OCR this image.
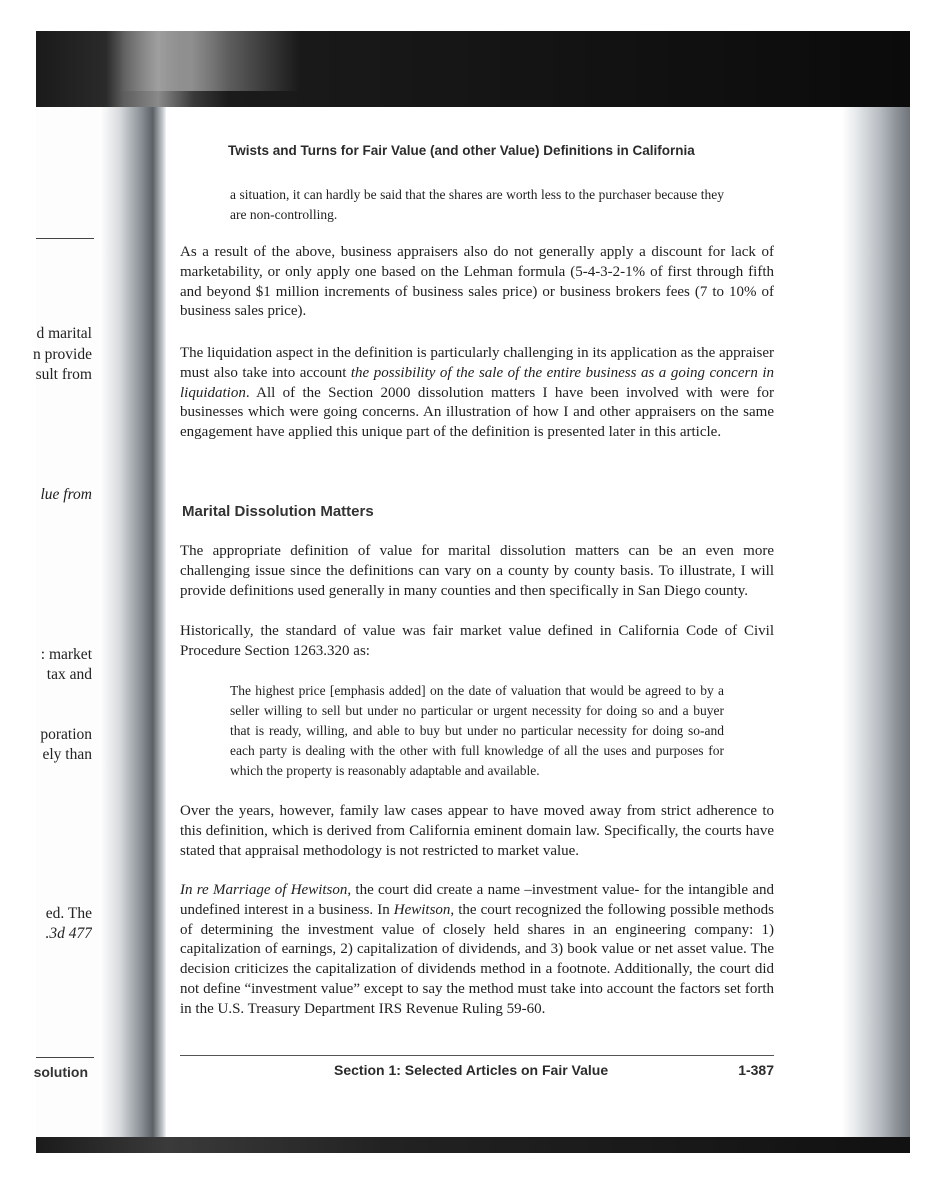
d marital
n provide
sult from
lue from
: market
tax and
poration
ely than
ed. The
.3d 477
solution
Twists and Turns for Fair Value (and other Value) Definitions in California
a situation, it can hardly be said that the shares are worth less to the purchaser because they are non-controlling.
As a result of the above, business appraisers also do not generally apply a discount for lack of marketability, or only apply one based on the Lehman formula (5-4-3-2-1% of first through fifth and beyond $1 million increments of business sales price) or business brokers fees (7 to 10% of business sales price).
The liquidation aspect in the definition is particularly challenging in its application as the appraiser must also take into account the possibility of the sale of the entire business as a going concern in liquidation. All of the Section 2000 dissolution matters I have been involved with were for businesses which were going concerns. An illustration of how I and other appraisers on the same engagement have applied this unique part of the definition is presented later in this article.
Marital Dissolution Matters
The appropriate definition of value for marital dissolution matters can be an even more challenging issue since the definitions can vary on a county by county basis. To illustrate, I will provide definitions used generally in many counties and then specifically in San Diego county.
Historically, the standard of value was fair market value defined in California Code of Civil Procedure Section 1263.320 as:
The highest price [emphasis added] on the date of valuation that would be agreed to by a seller willing to sell but under no particular or urgent necessity for doing so and a buyer that is ready, willing, and able to buy but under no particular necessity for doing so-and each party is dealing with the other with full knowledge of all the uses and purposes for which the property is reasonably adaptable and available.
Over the years, however, family law cases appear to have moved away from strict adherence to this definition, which is derived from California eminent domain law. Specifically, the courts have stated that appraisal methodology is not restricted to market value.
In re Marriage of Hewitson, the court did create a name –investment value- for the intangible and undefined interest in a business. In Hewitson, the court recognized the following possible methods of determining the investment value of closely held shares in an engineering company: 1) capitalization of earnings, 2) capitalization of dividends, and 3) book value or net asset value. The decision criticizes the capitalization of dividends method in a footnote. Additionally, the court did not define “investment value” except to say the method must take into account the factors set forth in the U.S. Treasury Department IRS Revenue Ruling 59-60.
Section 1: Selected Articles on Fair Value	1-387
